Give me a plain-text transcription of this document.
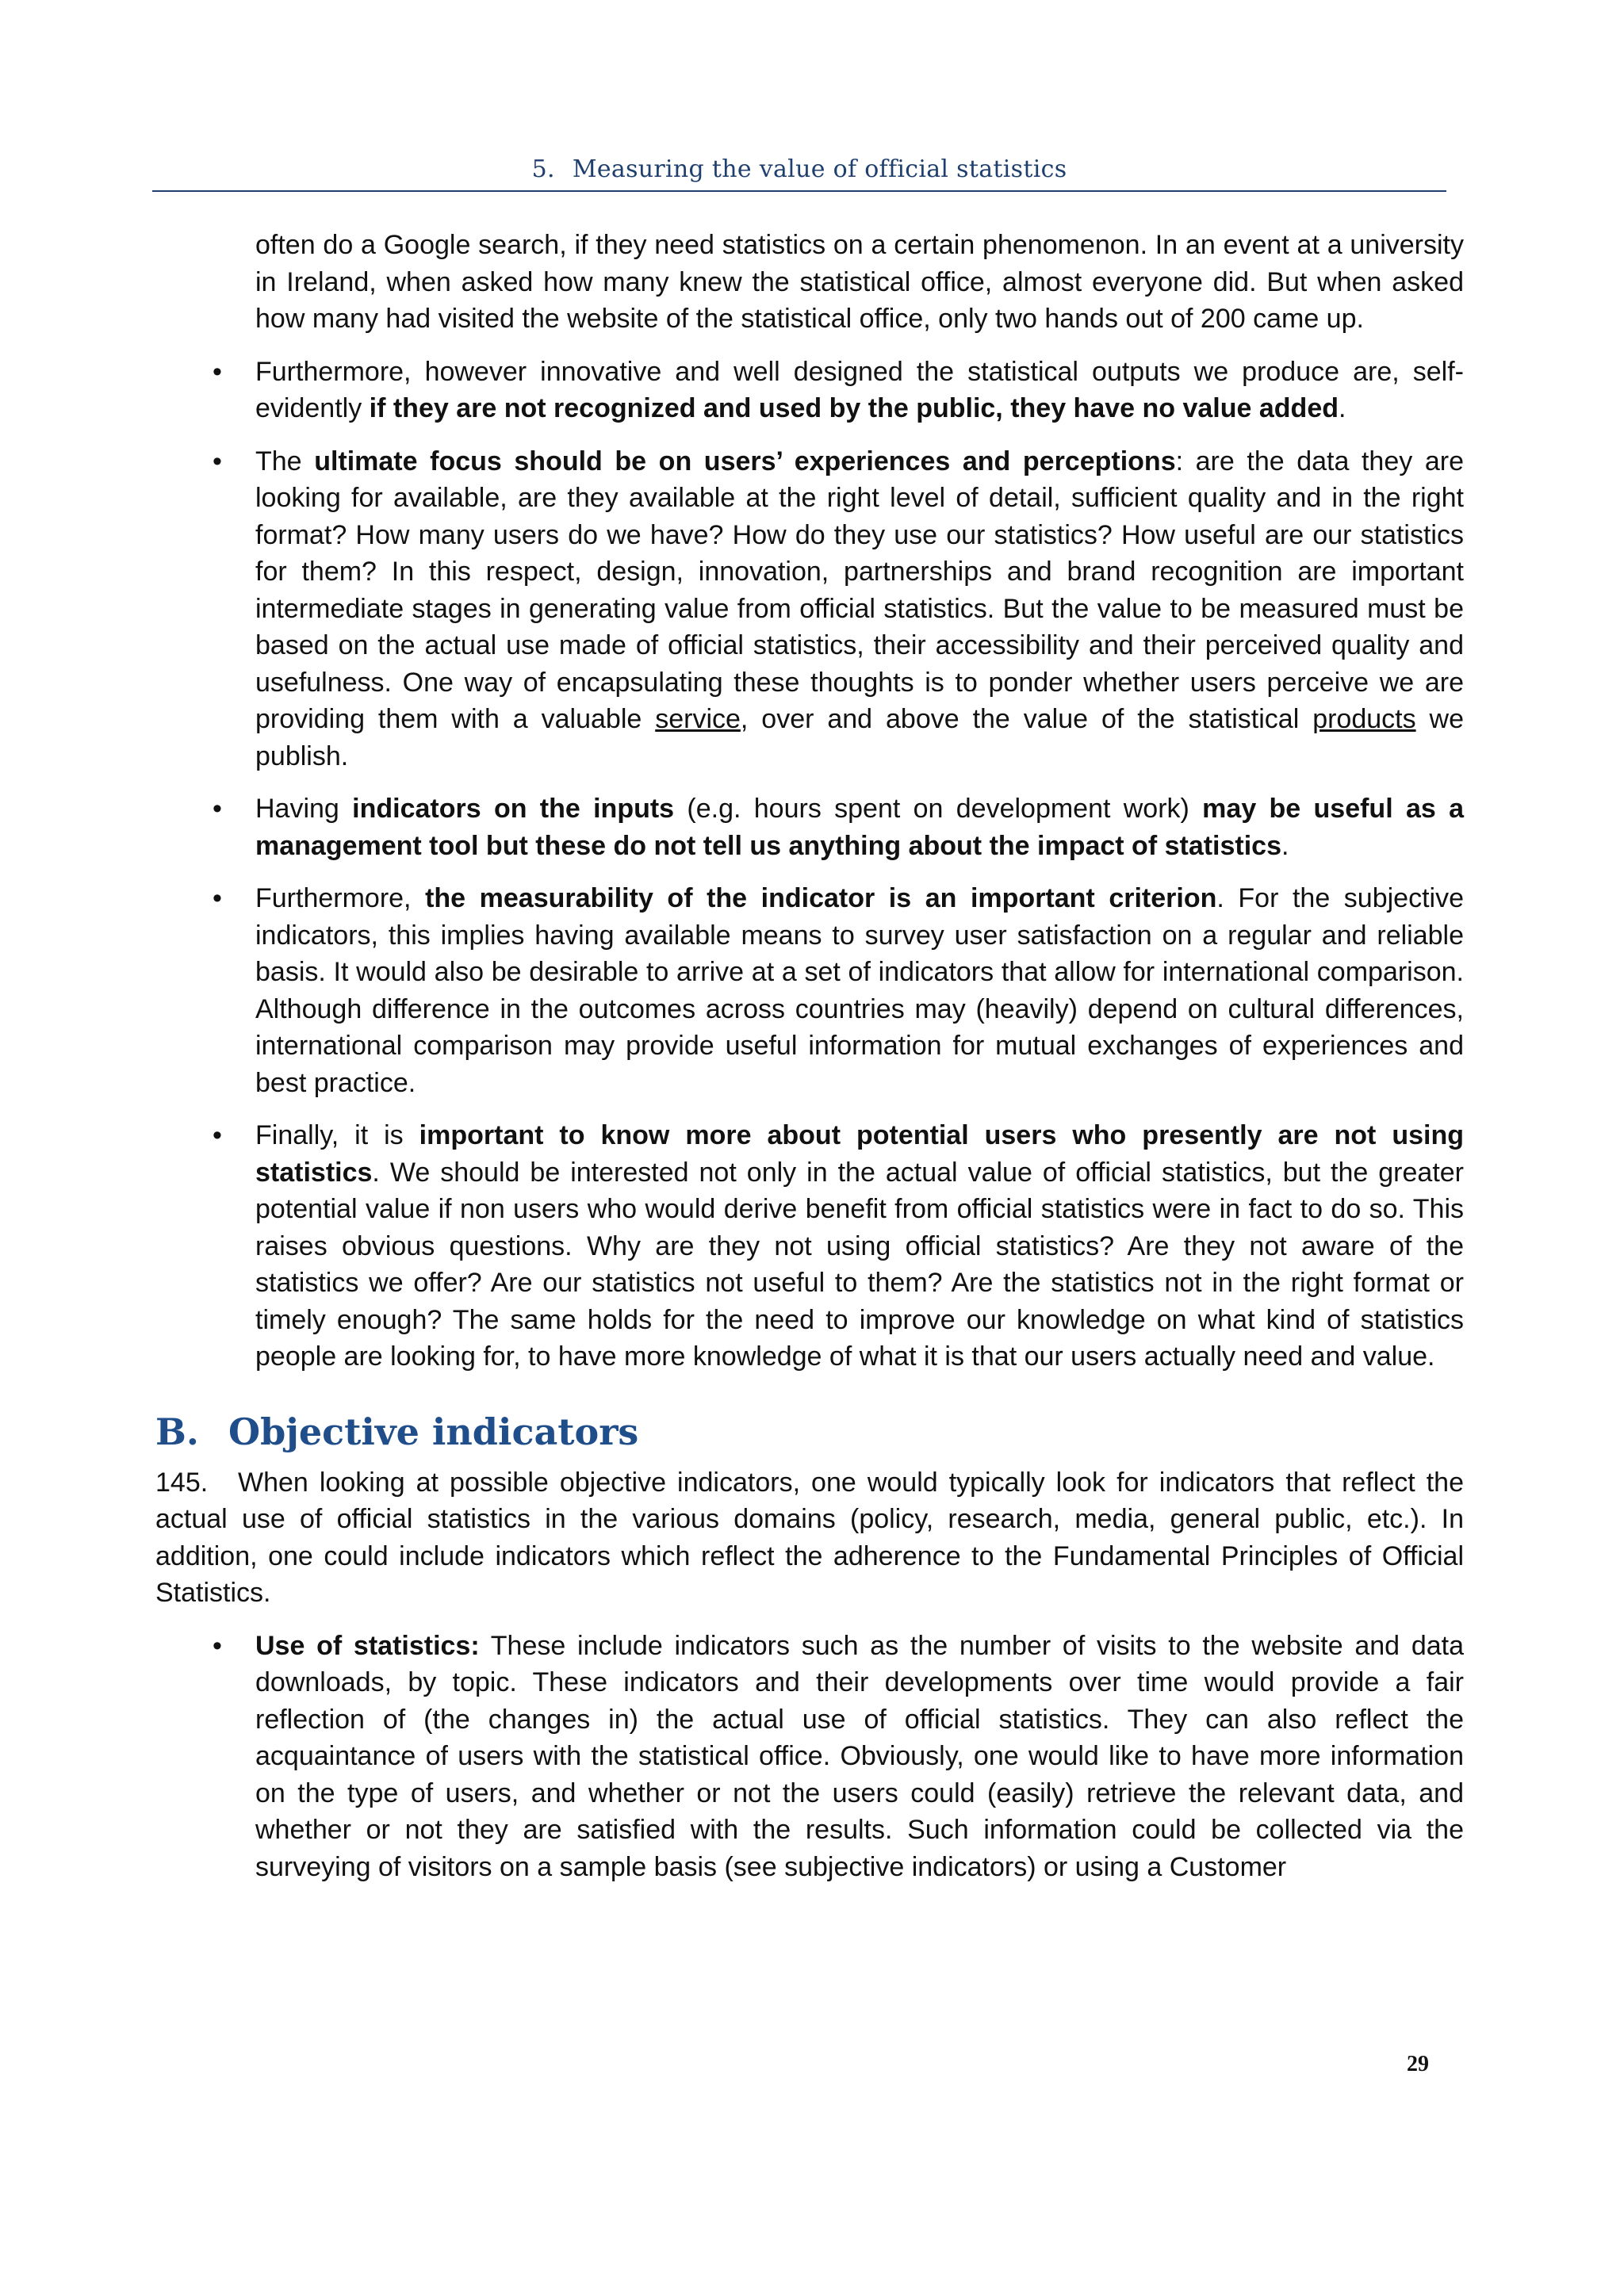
5. Measuring the value of official statistics

often do a Google search, if they need statistics on a certain phenomenon. In an event at a university in Ireland, when asked how many knew the statistical office, almost everyone did. But when asked how many had visited the website of the statistical office, only two hands out of 200 came up.

• Furthermore, however innovative and well designed the statistical outputs we produce are, self-evidently if they are not recognized and used by the public, they have no value added.

• The ultimate focus should be on users’ experiences and perceptions: are the data they are looking for available, are they available at the right level of detail, sufficient quality and in the right format? How many users do we have? How do they use our statistics? How useful are our statistics for them? In this respect, design, innovation, partnerships and brand recognition are important intermediate stages in generating value from official statistics. But the value to be measured must be based on the actual use made of official statistics, their accessibility and their perceived quality and usefulness. One way of encapsulating these thoughts is to ponder whether users perceive we are providing them with a valuable service, over and above the value of the statistical products we publish.

• Having indicators on the inputs (e.g. hours spent on development work) may be useful as a management tool but these do not tell us anything about the impact of statistics.

• Furthermore, the measurability of the indicator is an important criterion. For the subjective indicators, this implies having available means to survey user satisfaction on a regular and reliable basis. It would also be desirable to arrive at a set of indicators that allow for international comparison. Although difference in the outcomes across countries may (heavily) depend on cultural differences, international comparison may provide useful information for mutual exchanges of experiences and best practice.

• Finally, it is important to know more about potential users who presently are not using statistics. We should be interested not only in the actual value of official statistics, but the greater potential value if non users who would derive benefit from official statistics were in fact to do so. This raises obvious questions. Why are they not using official statistics? Are they not aware of the statistics we offer? Are our statistics not useful to them? Are the statistics not in the right format or timely enough? The same holds for the need to improve our knowledge on what kind of statistics people are looking for, to have more knowledge of what it is that our users actually need and value.

B. Objective indicators

145. When looking at possible objective indicators, one would typically look for indicators that reflect the actual use of official statistics in the various domains (policy, research, media, general public, etc.). In addition, one could include indicators which reflect the adherence to the Fundamental Principles of Official Statistics.

• Use of statistics: These include indicators such as the number of visits to the website and data downloads, by topic. These indicators and their developments over time would provide a fair reflection of (the changes in) the actual use of official statistics. They can also reflect the acquaintance of users with the statistical office. Obviously, one would like to have more information on the type of users, and whether or not the users could (easily) retrieve the relevant data, and whether or not they are satisfied with the results. Such information could be collected via the surveying of visitors on a sample basis (see subjective indicators) or using a Customer

29
